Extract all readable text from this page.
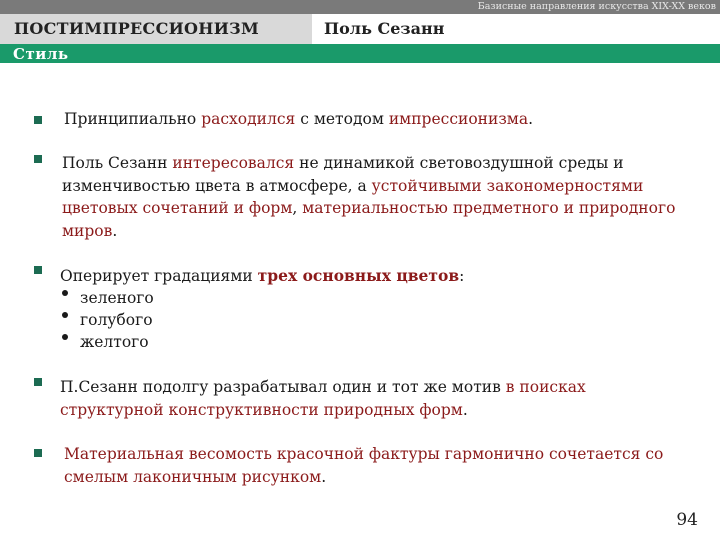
Базисные направления искусства XIX-XX веков
ПОСТИМПРЕССИОНИЗМ	Поль Сезанн
Стиль
Принципиально расходился с методом импрессионизма.
Поль Сезанн интересовался не динамикой световоздушной среды и изменчивостью цвета в атмосфере, а устойчивыми закономерностями цветовых сочетаний и форм, материальностью предметного и природного миров.
Оперирует градациями трех основных цветов:
зеленого
голубого
желтого
П.Сезанн подолгу разрабатывал один и тот же мотив в поисках структурной конструктивности природных форм.
Материальная весомость красочной фактуры гармонично сочетается со смелым лаконичным рисунком.
94
